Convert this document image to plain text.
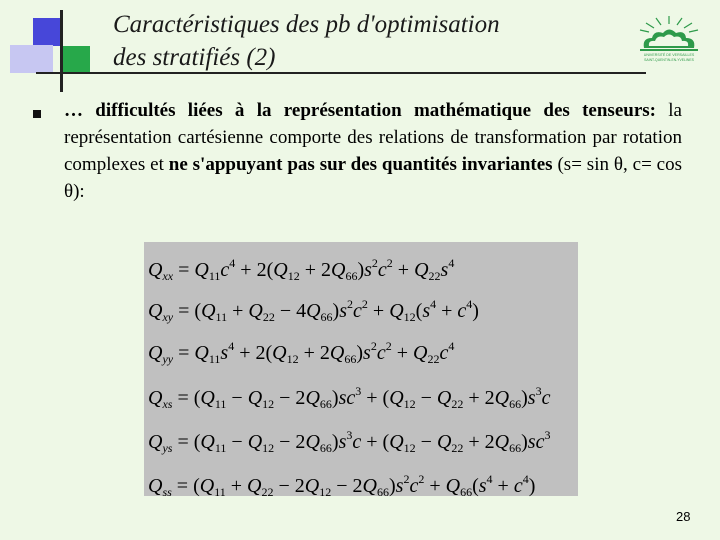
Caractéristiques des pb d'optimisation
des stratifiés (2)	UNIVERSITÉ DE VERSAILLES
SAINT-QUENTIN-EN-YVELINES
… difficultés liées à la représentation mathématique des tenseurs: la représentation cartésienne comporte des relations de transformation par rotation complexes et ne s'appuyant pas sur des quantités invariantes (s= sin θ, c= cos θ):
$Q_{xx} = Q_{11}c^4 + 2(Q_{12} + 2Q_{66})s^2c^2 + Q_{22}s^4$
$Q_{xy} = (Q_{11} + Q_{22} - 4Q_{66})s^2c^2 + Q_{12}(s^4 + c^4)$
$Q_{yy} = Q_{11}s^4 + 2(Q_{12} + 2Q_{66})s^2c^2 + Q_{22}c^4$
$Q_{xs} = (Q_{11} - Q_{12} - 2Q_{66})sc^3 + (Q_{12} - Q_{22} + 2Q_{66})s^3c$
$Q_{ys} = (Q_{11} - Q_{12} - 2Q_{66})s^3c + (Q_{12} - Q_{22} + 2Q_{66})sc^3$
$Q_{ss} = (Q_{11} + Q_{22} - 2Q_{12} - 2Q_{66})s^2c^2 + Q_{66}(s^4 + c^4)$
28
